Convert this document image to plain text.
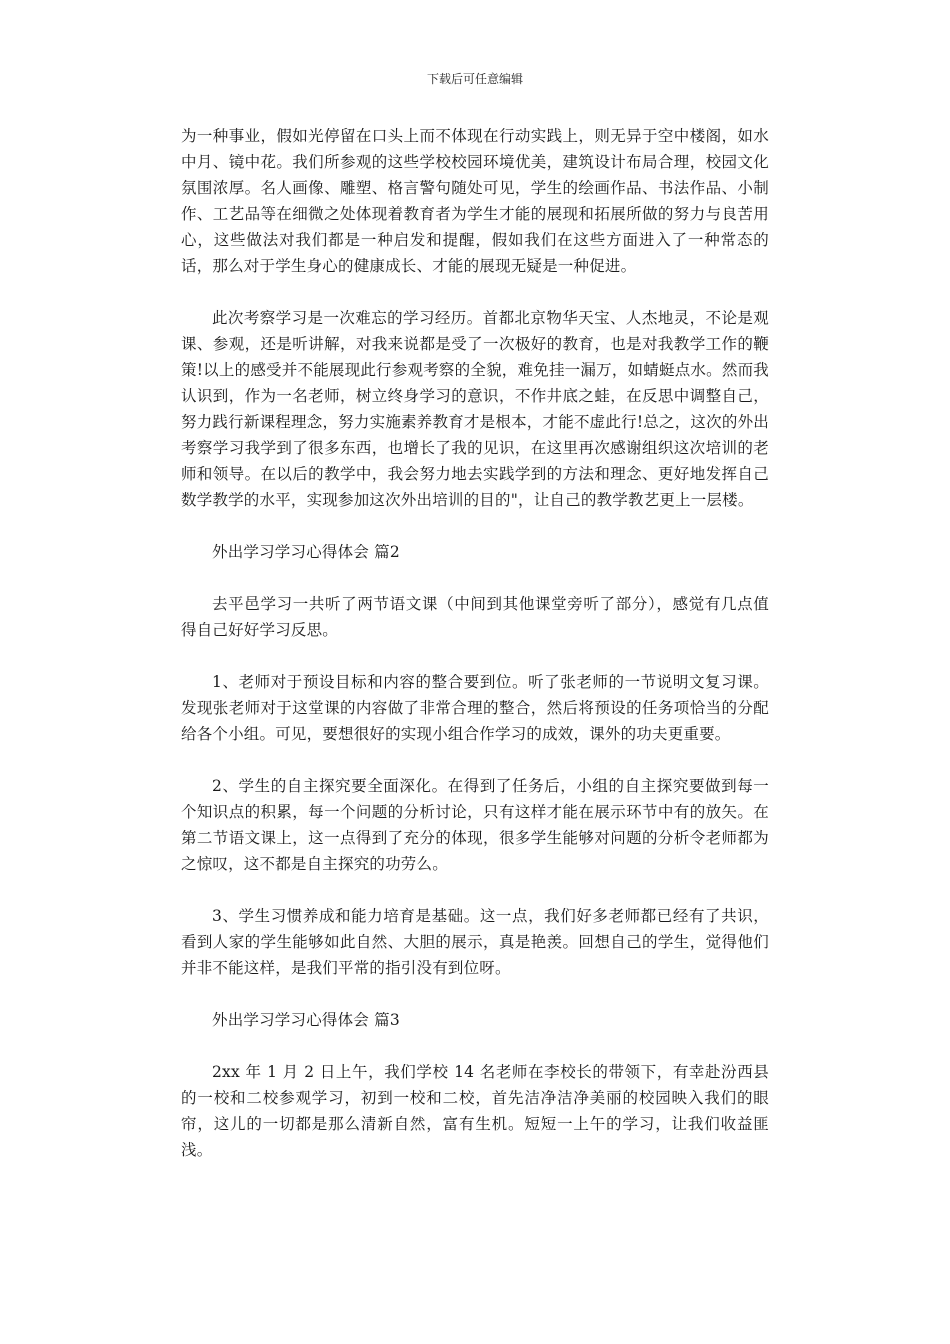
下载后可任意编辑

为一种事业，假如光停留在口头上而不体现在行动实践上，则无异于空中楼阁，如水中月、镜中花。我们所参观的这些学校校园环境优美，建筑设计布局合理，校园文化氛围浓厚。名人画像、雕塑、格言警句随处可见，学生的绘画作品、书法作品、小制作、工艺品等在细微之处体现着教育者为学生才能的展现和拓展所做的努力与良苦用心，这些做法对我们都是一种启发和提醒，假如我们在这些方面进入了一种常态的话，那么对于学生身心的健康成长、才能的展现无疑是一种促进。

此次考察学习是一次难忘的学习经历。首都北京物华天宝、人杰地灵，不论是观课、参观，还是听讲解，对我来说都是受了一次极好的教育，也是对我教学工作的鞭策!以上的感受并不能展现此行参观考察的全貌，难免挂一漏万，如蜻蜓点水。然而我认识到，作为一名老师，树立终身学习的意识，不作井底之蛙，在反思中调整自己，努力践行新课程理念，努力实施素养教育才是根本，才能不虚此行!总之，这次的外出考察学习我学到了很多东西，也增长了我的见识，在这里再次感谢组织这次培训的老师和领导。在以后的教学中，我会努力地去实践学到的方法和理念、更好地发挥自己数学教学的水平，实现参加这次外出培训的目的"，让自己的教学教艺更上一层楼。

外出学习学习心得体会 篇2

去平邑学习一共听了两节语文课（中间到其他课堂旁听了部分），感觉有几点值得自己好好学习反思。

1、老师对于预设目标和内容的整合要到位。听了张老师的一节说明文复习课。发现张老师对于这堂课的内容做了非常合理的整合，然后将预设的任务项恰当的分配给各个小组。可见，要想很好的实现小组合作学习的成效，课外的功夫更重要。

2、学生的自主探究要全面深化。在得到了任务后，小组的自主探究要做到每一个知识点的积累，每一个问题的分析讨论，只有这样才能在展示环节中有的放矢。在第二节语文课上，这一点得到了充分的体现，很多学生能够对问题的分析令老师都为之惊叹，这不都是自主探究的功劳么。

3、学生习惯养成和能力培育是基础。这一点，我们好多老师都已经有了共识，看到人家的学生能够如此自然、大胆的展示，真是艳羡。回想自己的学生，觉得他们并非不能这样，是我们平常的指引没有到位呀。

外出学习学习心得体会 篇3

2xx 年 1 月 2 日上午，我们学校 14 名老师在李校长的带领下，有幸赴汾西县的一校和二校参观学习，初到一校和二校，首先洁净洁净美丽的校园映入我们的眼帘，这儿的一切都是那么清新自然，富有生机。短短一上午的学习，让我们收益匪浅。
